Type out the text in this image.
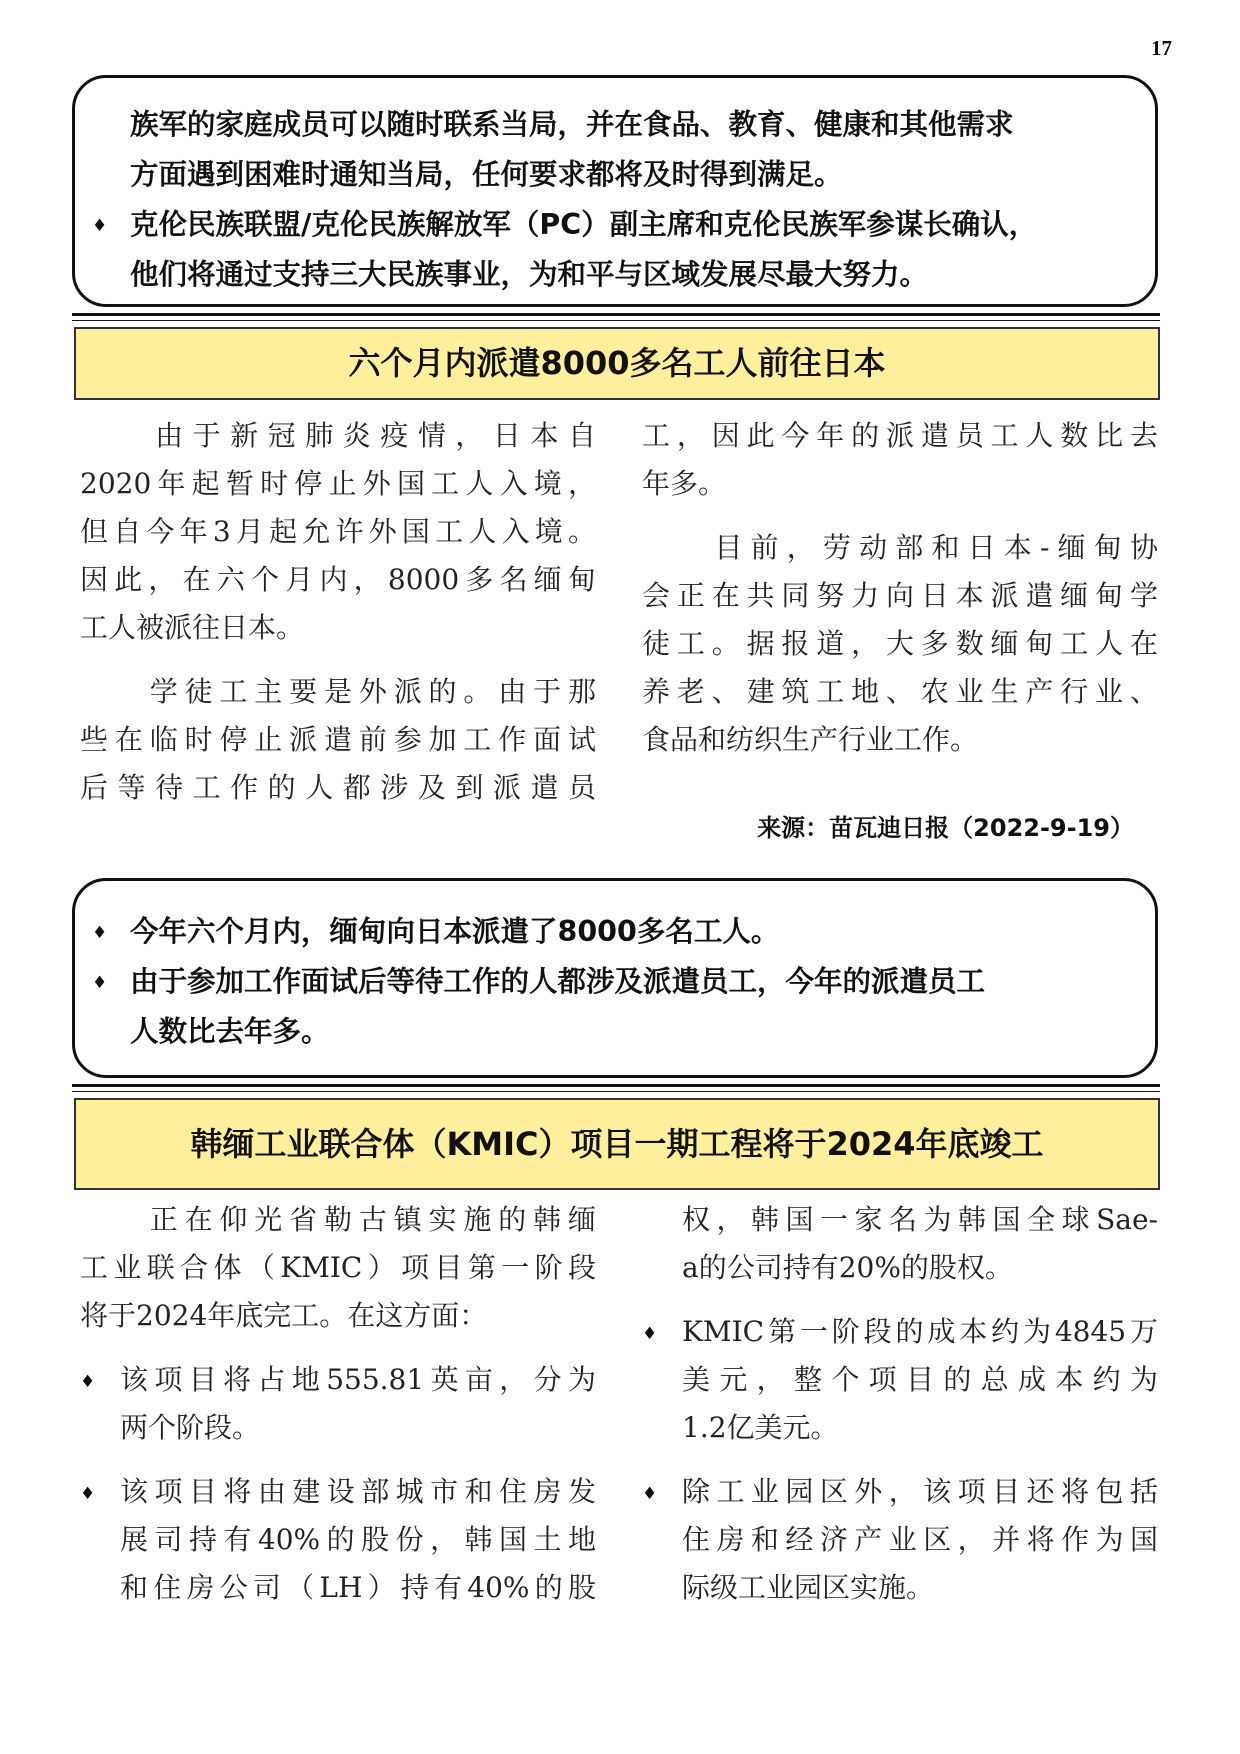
17
族军的家庭成员可以随时联系当局，并在食品、教育、健康和其他需求
方面遇到困难时通知当局，任何要求都将及时得到满足。
♦ 克伦民族联盟/克伦民族解放军（PC）副主席和克伦民族军参谋长确认，
他们将通过支持三大民族事业，为和平与区域发展尽最大努力。
六个月内派遣8000多名工人前往日本
　　由于新冠肺炎疫情，日本自
2020年起暂时停止外国工人入境，
但自今年3月起允许外国工人入境。
因此，在六个月内，8000多名缅甸
工人被派往日本。
　　学徒工主要是外派的。由于那
些在临时停止派遣前参加工作面试
后等待工作的人都涉及到派遣员
工，因此今年的派遣员工人数比去
年多。
　　目前，劳动部和日本-缅甸协
会正在共同努力向日本派遣缅甸学
徒工。据报道，大多数缅甸工人在
养老、建筑工地、农业生产行业、
食品和纺织生产行业工作。
来源：苗瓦迪日报（2022-9-19）
♦ 今年六个月内，缅甸向日本派遣了8000多名工人。
♦ 由于参加工作面试后等待工作的人都涉及派遣员工，今年的派遣员工
人数比去年多。
韩缅工业联合体（KMIC）项目一期工程将于2024年底竣工
　　正在仰光省勒古镇实施的韩缅
工业联合体（KMIC）项目第一阶段
将于2024年底完工。在这方面：
♦ 该项目将占地555.81英亩，分为
两个阶段。
♦ 该项目将由建设部城市和住房发
展司持有40%的股份，韩国土地
和住房公司（LH）持有40%的股
权，韩国一家名为韩国全球Sae-
a的公司持有20%的股权。
♦ KMIC第一阶段的成本约为4845万
美元，整个项目的总成本约为
1.2亿美元。
♦ 除工业园区外，该项目还将包括
住房和经济产业区，并将作为国
际级工业园区实施。
